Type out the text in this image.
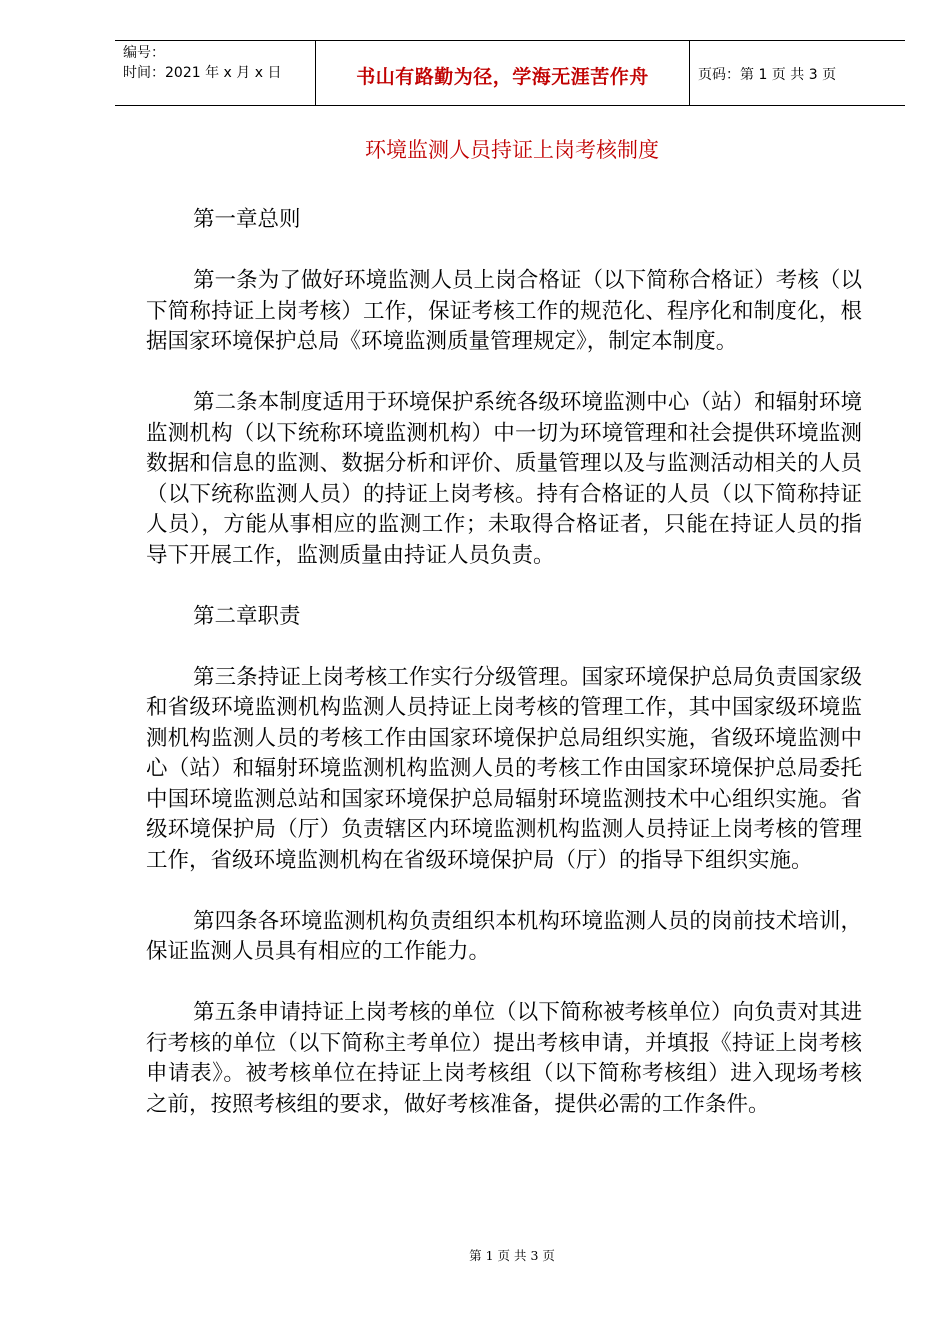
编号：
时间：2021 年 x 月 x 日	书山有路勤为径，学海无涯苦作舟	页码：第 1 页 共 3 页
环境监测人员持证上岗考核制度

第一章总则

第一条为了做好环境监测人员上岗合格证（以下简称合格证）考核（以下简称持证上岗考核）工作，保证考核工作的规范化、程序化和制度化，根据国家环境保护总局《环境监测质量管理规定》，制定本制度。

第二条本制度适用于环境保护系统各级环境监测中心（站）和辐射环境监测机构（以下统称环境监测机构）中一切为环境管理和社会提供环境监测数据和信息的监测、数据分析和评价、质量管理以及与监测活动相关的人员（以下统称监测人员）的持证上岗考核。持有合格证的人员（以下简称持证人员），方能从事相应的监测工作；未取得合格证者，只能在持证人员的指导下开展工作，监测质量由持证人员负责。

第二章职责

第三条持证上岗考核工作实行分级管理。国家环境保护总局负责国家级和省级环境监测机构监测人员持证上岗考核的管理工作，其中国家级环境监测机构监测人员的考核工作由国家环境保护总局组织实施，省级环境监测中心（站）和辐射环境监测机构监测人员的考核工作由国家环境保护总局委托中国环境监测总站和国家环境保护总局辐射环境监测技术中心组织实施。省级环境保护局（厅）负责辖区内环境监测机构监测人员持证上岗考核的管理工作，省级环境监测机构在省级环境保护局（厅）的指导下组织实施。

第四条各环境监测机构负责组织本机构环境监测人员的岗前技术培训，保证监测人员具有相应的工作能力。

第五条申请持证上岗考核的单位（以下简称被考核单位）向负责对其进行考核的单位（以下简称主考单位）提出考核申请，并填报《持证上岗考核申请表》。被考核单位在持证上岗考核组（以下简称考核组）进入现场考核之前，按照考核组的要求，做好考核准备，提供必需的工作条件。

第 1 页 共 3 页
